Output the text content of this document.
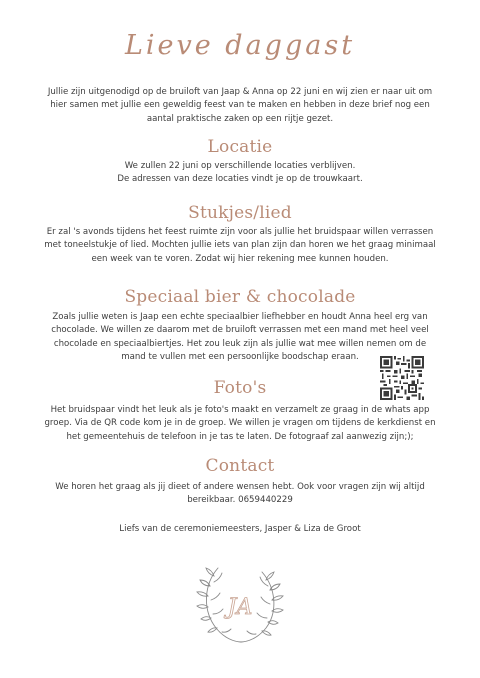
Lieve daggast
Jullie zijn uitgenodigd op de bruiloft van Jaap & Anna op 22 juni en wij zien er naar uit om
hier samen met jullie een geweldig feest van te maken en hebben in deze brief nog een
aantal praktische zaken op een rijtje gezet.
Locatie
We zullen 22 juni op verschillende locaties verblijven.
De adressen van deze locaties vindt je op de trouwkaart.
Stukjes/lied
Er zal 's avonds tijdens het feest ruimte zijn voor als jullie het bruidspaar willen verrassen
met toneelstukje of lied. Mochten jullie iets van plan zijn dan horen we het graag minimaal
een week van te voren. Zodat wij hier rekening mee kunnen houden.
Speciaal bier & chocolade
Zoals jullie weten is Jaap een echte speciaalbier liefhebber en houdt Anna heel erg van
chocolade. We willen ze daarom met de bruiloft verrassen met een mand met heel veel
chocolade en speciaalbiertjes. Het zou leuk zijn als jullie wat mee willen nemen om de
mand te vullen met een persoonlijke boodschap eraan.
Foto's
Het bruidspaar vindt het leuk als je foto's maakt en verzamelt ze graag in de whats app
groep. Via de QR code kom je in de groep. We willen je vragen om tijdens de kerkdienst en
het gemeentehuis de telefoon in je tas te laten. De fotograaf zal aanwezig zijn;);
Contact
We horen het graag als jij dieet of andere wensen hebt. Ook voor vragen zijn wij altijd
bereikbaar. 0659440229
Liefs van de ceremoniemeesters, Jasper & Liza de Groot
JA
